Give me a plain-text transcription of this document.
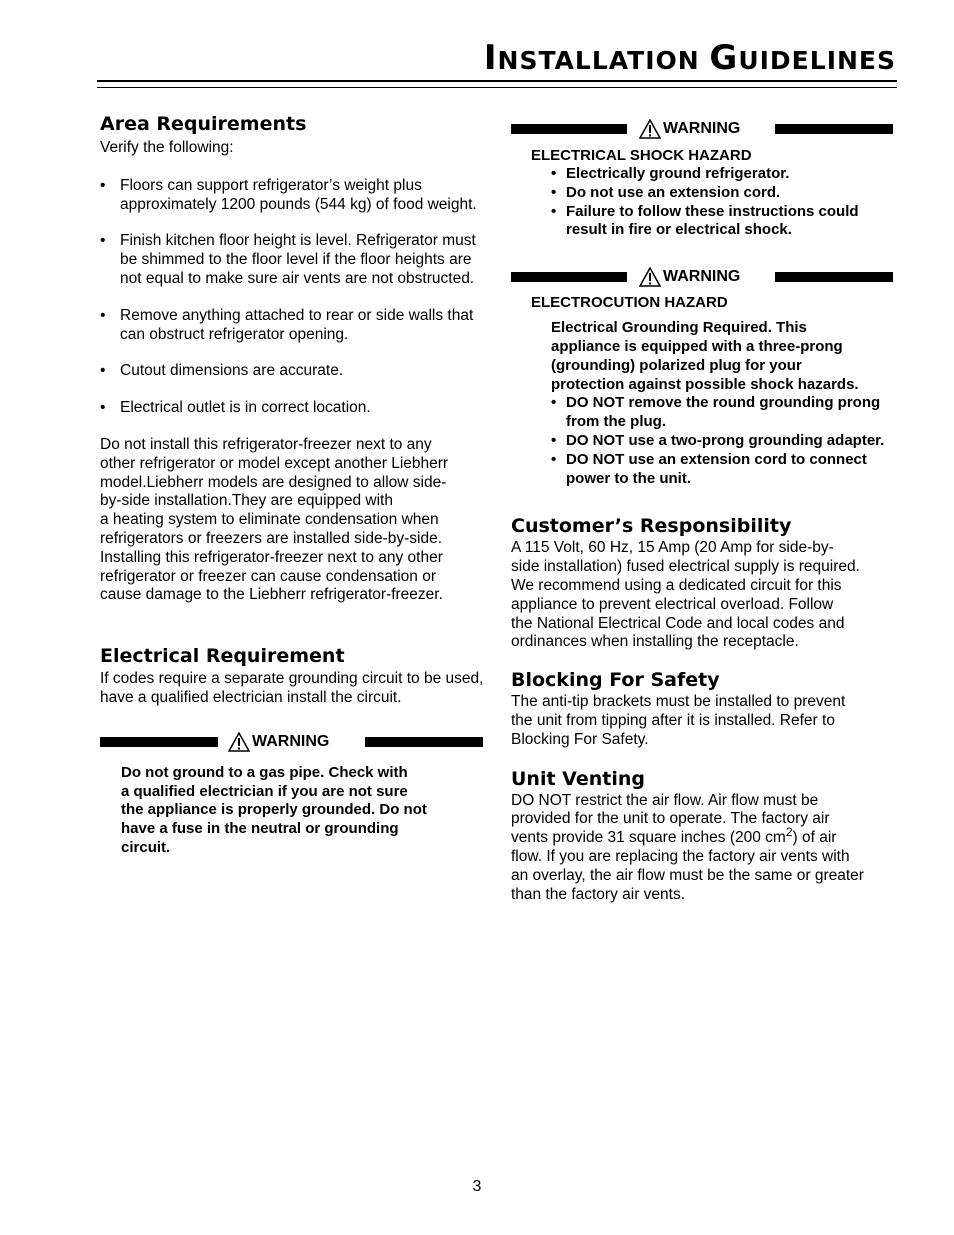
INSTALLATION GUIDELINES
Area Requirements

Verify the following:

• Floors can support refrigerator’s weight plus approximately 1200 pounds (544 kg) of food weight.
• Finish kitchen floor height is level. Refrigerator must be shimmed to the floor level if the floor heights are not equal to make sure air vents are not obstructed.
• Remove anything attached to rear or side walls that can obstruct refrigerator opening.
• Cutout dimensions are accurate.
• Electrical outlet is in correct location.

Do not install this refrigerator-freezer next to any

other refrigerator or model except another Liebherr

model.Liebherr models are designed to allow side-

by-side installation.They are equipped with

a heating system to eliminate condensation when

refrigerators or freezers are installed side-by-side.

Installing this refrigerator-freezer next to any other

refrigerator or freezer can cause condensation or

cause damage to the Liebherr refrigerator-freezer.

Electrical Requirement

If codes require a separate grounding circuit to be used, have a qualified electrician install the circuit.

WARNING
Do not ground to a gas pipe. Check with
a qualified electrician if you are not sure
the appliance is properly grounded. Do not
have a fuse in the neutral or grounding
circuit.
WARNING
ELECTRICAL SHOCK HAZARD
• Electrically ground refrigerator.
• Do not use an extension cord.
• Failure to follow these instructions could result in fire or electrical shock.
WARNING
ELECTROCUTION HAZARD
Electrical Grounding Required. This
appliance is equipped with a three-prong
(grounding) polarized plug for your
protection against possible shock hazards.
• DO NOT remove the round grounding prong from the plug.
• DO NOT use a two-prong grounding adapter.
• DO NOT use an extension cord to connect power to the unit.
Customer’s Responsibility

A 115 Volt, 60 Hz, 15 Amp (20 Amp for side-by-

side installation) fused electrical supply is required.

We recommend using a dedicated circuit for this

appliance to prevent electrical overload. Follow

the National Electrical Code and local codes and

ordinances when installing the receptacle.

Blocking For Safety

The anti-tip brackets must be installed to prevent

the unit from tipping after it is installed. Refer to

Blocking For Safety.

Unit Venting

DO NOT restrict the air flow. Air flow must be

provided for the unit to operate. The factory air

vents provide 31 square inches (200 $cm^2$) of air

flow. If you are replacing the factory air vents with

an overlay, the air flow must be the same or greater

than the factory air vents.

3
